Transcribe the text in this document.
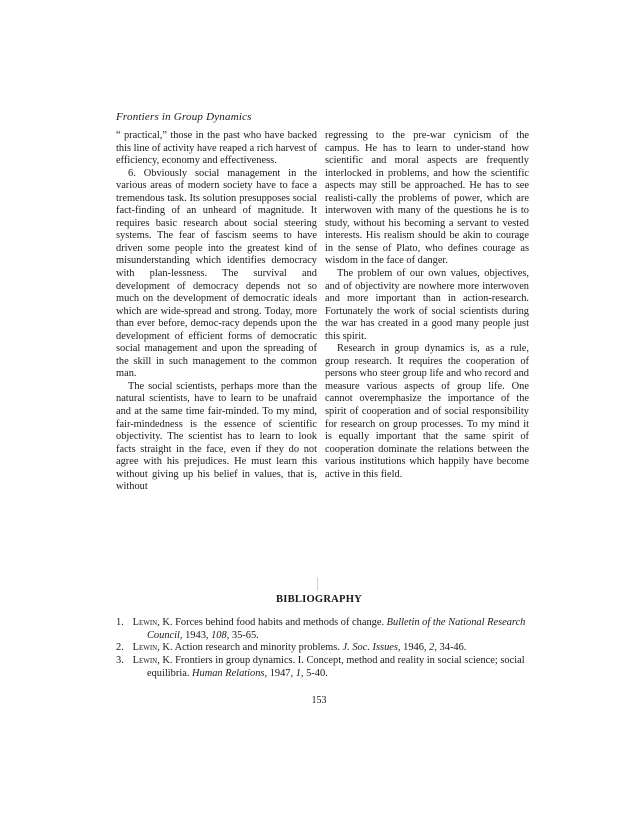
Frontiers in Group Dynamics

“ practical,” those in the past who have backed this line of activity have reaped a rich harvest of efficiency, economy and effectiveness.

6. Obviously social management in the various areas of modern society have to face a tremendous task. Its solution presupposes social fact-finding of an unheard of magnitude. It requires basic research about social steering systems. The fear of fascism seems to have driven some people into the greatest kind of misunderstanding which identifies democracy with plan-lessness. The survival and development of democracy depends not so much on the development of democratic ideals which are wide-spread and strong. Today, more than ever before, democ-racy depends upon the development of efficient forms of democratic social management and upon the spreading of the skill in such management to the common man.

The social scientists, perhaps more than the natural scientists, have to learn to be unafraid and at the same time fair-minded. To my mind, fair-mindedness is the essence of scientific objectivity. The scientist has to learn to look facts straight in the face, even if they do not agree with his prejudices. He must learn this without giving up his belief in values, that is, without

regressing to the pre-war cynicism of the campus. He has to learn to under-stand how scientific and moral aspects are frequently interlocked in problems, and how the scientific aspects may still be approached. He has to see realisti-cally the problems of power, which are interwoven with many of the questions he is to study, without his becoming a servant to vested interests. His realism should be akin to courage in the sense of Plato, who defines courage as wisdom in the face of danger.

The problem of our own values, objectives, and of objectivity are nowhere more interwoven and more important than in action-research. Fortunately the work of social scientists during the war has created in a good many people just this spirit.

Research in group dynamics is, as a rule, group research. It requires the cooperation of persons who steer group life and who record and measure various aspects of group life. One cannot overemphasize the importance of the spirit of cooperation and of social responsibility for research on group processes. To my mind it is equally important that the same spirit of cooperation dominate the relations between the various institutions which happily have become active in this field.

BIBLIOGRAPHY

1. Lewin, K. Forces behind food habits and methods of change. Bulletin of the National Research Council, 1943, 108, 35-65.

2. Lewin, K. Action research and minority problems. J. Soc. Issues, 1946, 2, 34-46.

3. Lewin, K. Frontiers in group dynamics. I. Concept, method and reality in social science; social equilibria. Human Relations, 1947, 1, 5-40.

153
